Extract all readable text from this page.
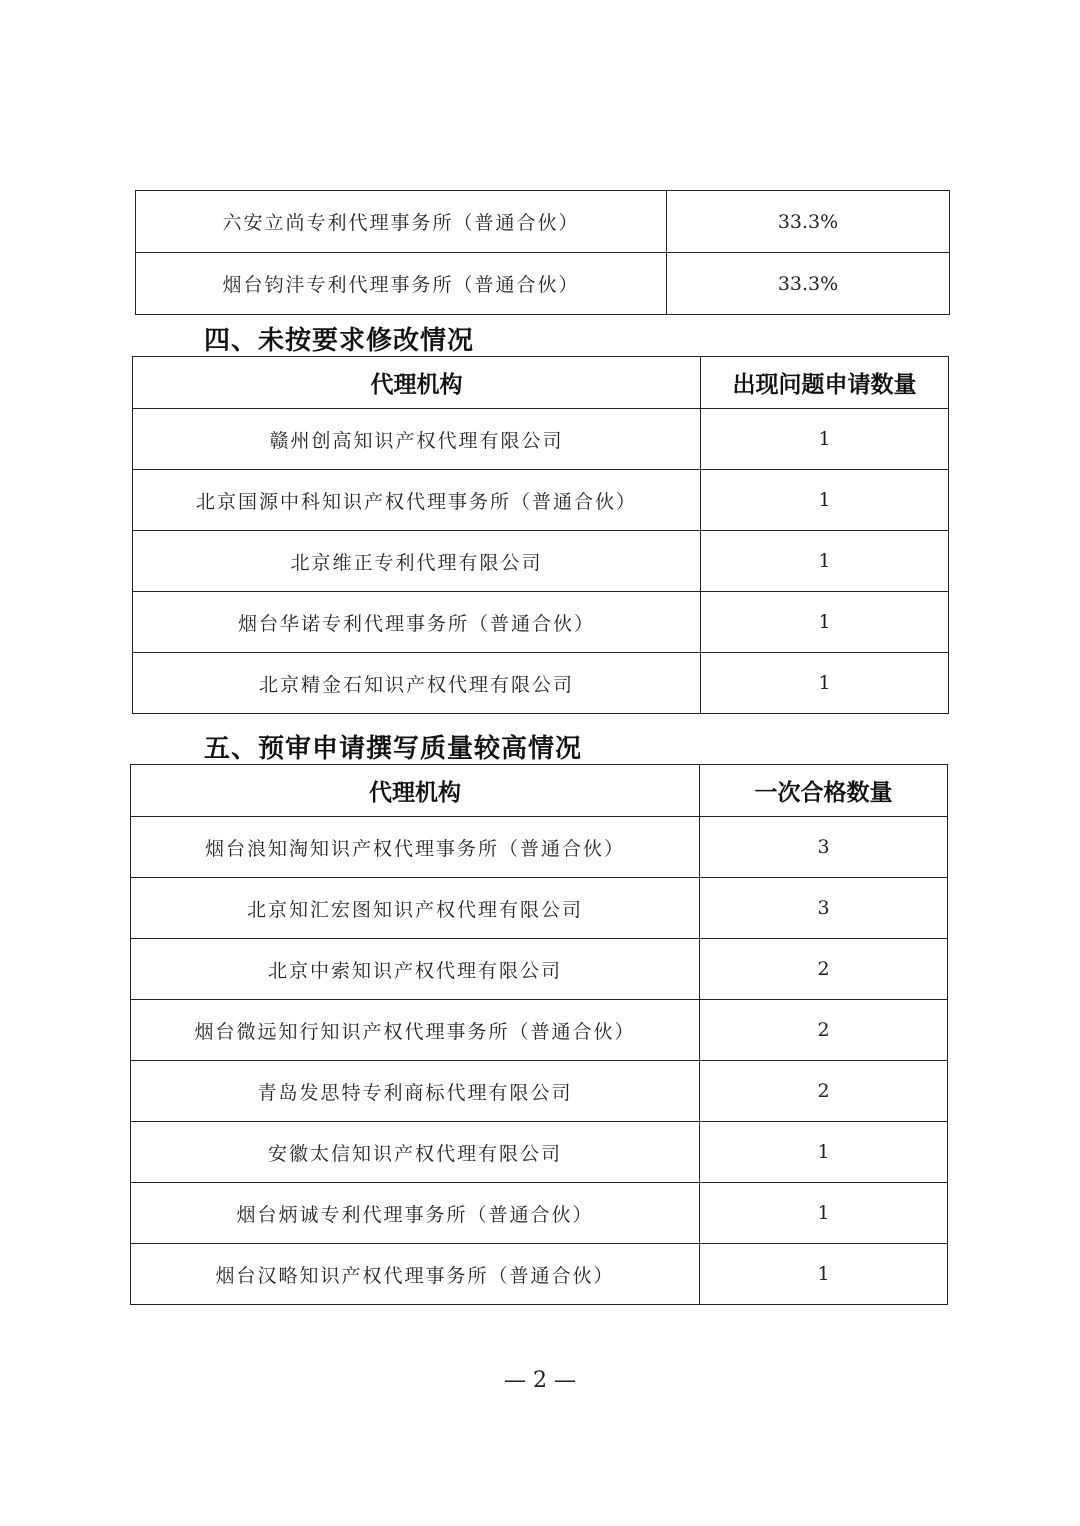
六安立尚专利代理事务所（普通合伙）	33.3%
烟台钧沣专利代理事务所（普通合伙）	33.3%
四、未按要求修改情况
代理机构	出现问题申请数量
赣州创高知识产权代理有限公司	1
北京国源中科知识产权代理事务所（普通合伙）	1
北京维正专利代理有限公司	1
烟台华诺专利代理事务所（普通合伙）	1
北京精金石知识产权代理有限公司	1
五、预审申请撰写质量较高情况
代理机构	一次合格数量
烟台浪知淘知识产权代理事务所（普通合伙）	3
北京知汇宏图知识产权代理有限公司	3
北京中索知识产权代理有限公司	2
烟台微远知行知识产权代理事务所（普通合伙）	2
青岛发思特专利商标代理有限公司	2
安徽太信知识产权代理有限公司	1
烟台炳诚专利代理事务所（普通合伙）	1
烟台汉略知识产权代理事务所（普通合伙）	1
— 2 —
